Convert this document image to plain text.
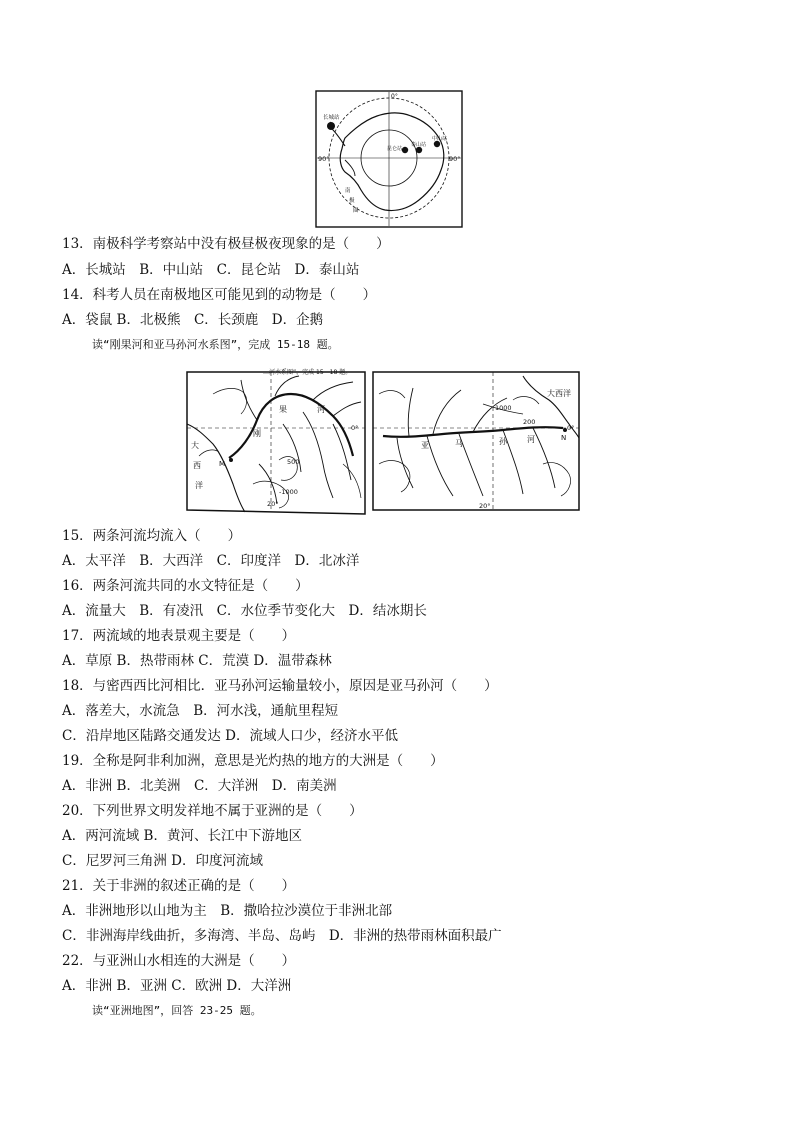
0°
90°	90°
长城站
昆仑站
泰山站
中山站
南
极
圈
13．南极科学考察站中没有极昼极夜现象的是（　　）
A．长城站　B．中山站　C．昆仑站　D．泰山站
14．科考人员在南极地区可能见到的动物是（　　）
A．袋鼠 B．北极熊　C．长颈鹿　D．企鹅
读“刚果河和亚马孙河水系图”，完成 15-18 题。
…河水系图”，完成 15－18 题。
果	河
刚
大
西
洋
M	500
-1000
20°
0°
1000
200
大西洋
亚	马	孙	河	N
0°
20°
15．两条河流均流入（　　）
A．太平洋　B．大西洋　C．印度洋　D．北冰洋
16．两条河流共同的水文特征是（　　）
A．流量大　B．有凌汛　C．水位季节变化大　D．结冰期长
17．两流域的地表景观主要是（　　）
A．草原 B．热带雨林 C．荒漠 D．温带森林
18．与密西西比河相比．亚马孙河运输量较小，原因是亚马孙河（　　）
A．落差大，水流急　B．河水浅，通航里程短
C．沿岸地区陆路交通发达 D．流域人口少，经济水平低
19．全称是阿非利加洲，意思是光灼热的地方的大洲是（　　）
A．非洲 B．北美洲　C．大洋洲　D．南美洲
20．下列世界文明发祥地不属于亚洲的是（　　）
A．两河流域 B．黄河、长江中下游地区
C．尼罗河三角洲 D．印度河流域
21．关于非洲的叙述正确的是（　　）
A．非洲地形以山地为主　B．撒哈拉沙漠位于非洲北部
C．非洲海岸线曲折，多海湾、半岛、岛屿　D．非洲的热带雨林面积最广
22．与亚洲山水相连的大洲是（　　）
A．非洲 B．亚洲 C．欧洲 D．大洋洲
读“亚洲地图”，回答 23-25 题。
